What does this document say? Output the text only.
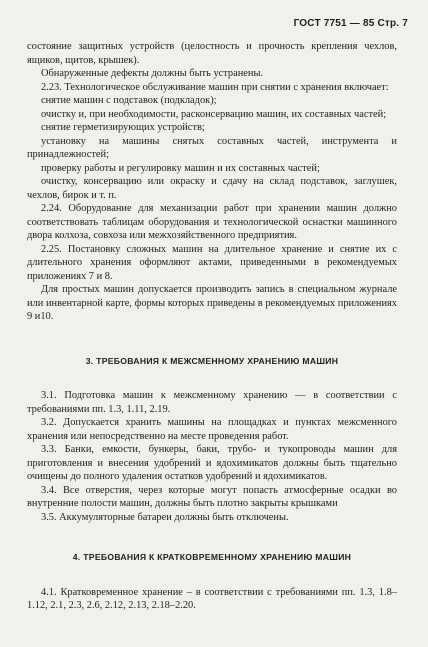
ГОСТ 7751 — 85 Стр. 7

состояние защитных устройств (целостность и прочность крепления чехлов, ящиков, щитов, крышек).

Обнаруженные дефекты должны быть устранены.

2.23. Технологическое обслуживание машин при снятии с хранения включает:

снятие машин с подставок (подкладок);

очистку и, при необходимости, расконсервацию машин, их составных частей;

снятие герметизирующих устройств;

установку на машины снятых составных частей, инструмента и принадлежностей;

проверку работы и регулировку машин и их составных частей;

очистку, консервацию или окраску и сдачу на склад подставок, заглушек, чехлов, бирок и т. п.

2.24. Оборудование для механизации работ при хранении машин должно соответствовать таблицам оборудования и технологической оснастки машинного двора колхоза, совхоза или межхозяйственного предприятия.

2.25. Постановку сложных машин на длительное хранение и снятие их с длительного хранения оформляют актами, приведенными в рекомендуемых приложениях 7 и 8.

Для простых машин допускается производить запись в специальном журнале или инвентарной карте, формы которых приведены в рекомендуемых приложениях 9 и10.

3. ТРЕБОВАНИЯ К МЕЖСМЕННОМУ ХРАНЕНИЮ МАШИН

3.1. Подготовка машин к межсменному хранению — в соответствии с требованиями пп. 1.3, 1.11, 2.19.

3.2. Допускается хранить машины на площадках и пунктах межсменного хранения или непосредственно на месте проведения работ.

3.3. Банки, емкости, бункеры, баки, трубо- и тукопроводы машин для приготовления и внесения удобрений и ядохимикатов должны быть тщательно очищены до полного удаления остатков удобрений и ядохимикатов.

3.4. Все отверстия, через которые могут попасть атмосферные осадки во внутренние полости машин, должны быть плотно закрыты крышками

3.5. Аккумуляторные батареи должны быть отключены.

4. ТРЕБОВАНИЯ К КРАТКОВРЕМЕННОМУ ХРАНЕНИЮ МАШИН

4.1. Кратковременное хранение – в соответствии с требованиями пп. 1.3, 1.8–1.12, 2.1, 2.3, 2.6, 2.12, 2.13, 2.18–2.20.
